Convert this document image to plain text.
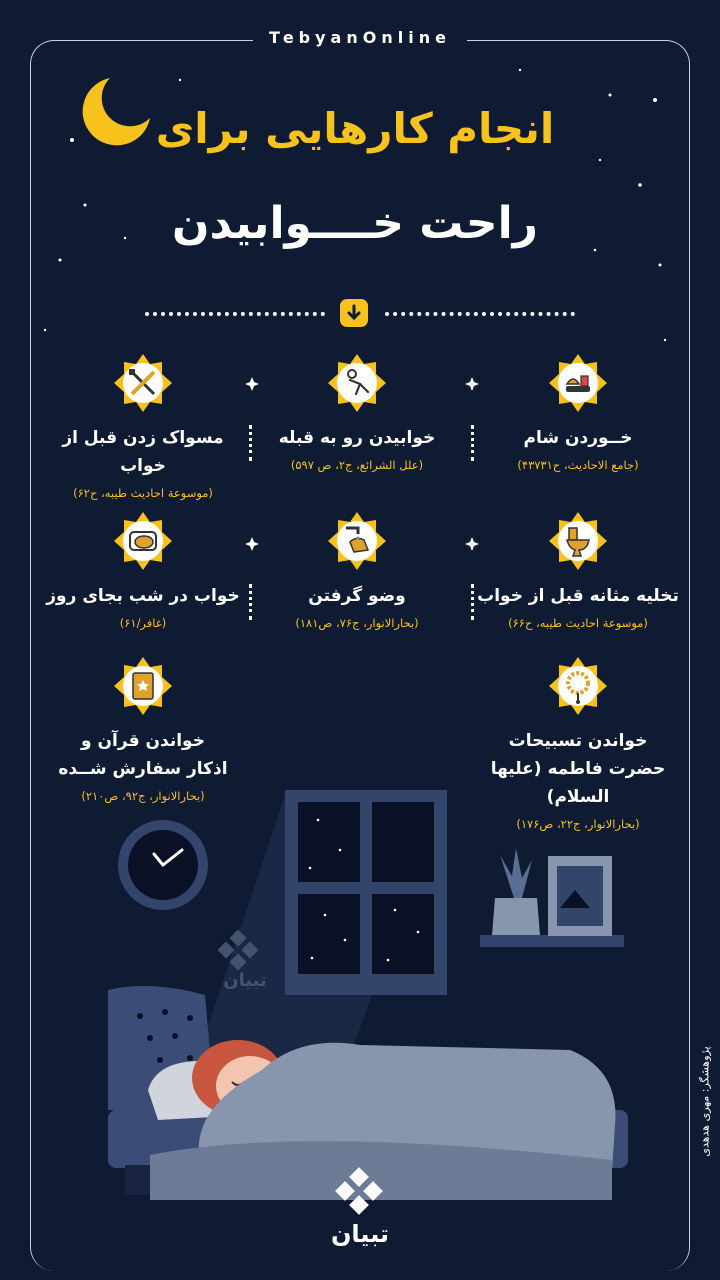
TebyanOnline
انجام کارهایی برای
راحت خــــوابیدن
خــوردن شام
(جامع الاحادیث، ح۴۳۷۳۱)
خوابیدن رو به قبله
(علل الشرائع، ج۲، ص ۵۹۷)
مسواک زدن قبل از خواب
(موسوعة احادیث طیبه، ح۶۲)
تخلیه مثانه قبل از خواب
(موسوعة احادیث طیبه، ح۶۶)
وضو گرفتن
(بحارالانوار، ج۷۶، ص۱۸۱)
خواب در شب بجای روز
(غافر/۶۱)
خواندن تسبیحات حضرت فاطمه (علیها السلام)
(بحارالانوار، ج۲۲، ص۱۷۶)
خواندن قرآن و اذکار سفارش شــده
(بحارالانوار، ج۹۲، ص۲۱۰)
تبیان
تبیان
پژوهشگر: مهری هدهدی
